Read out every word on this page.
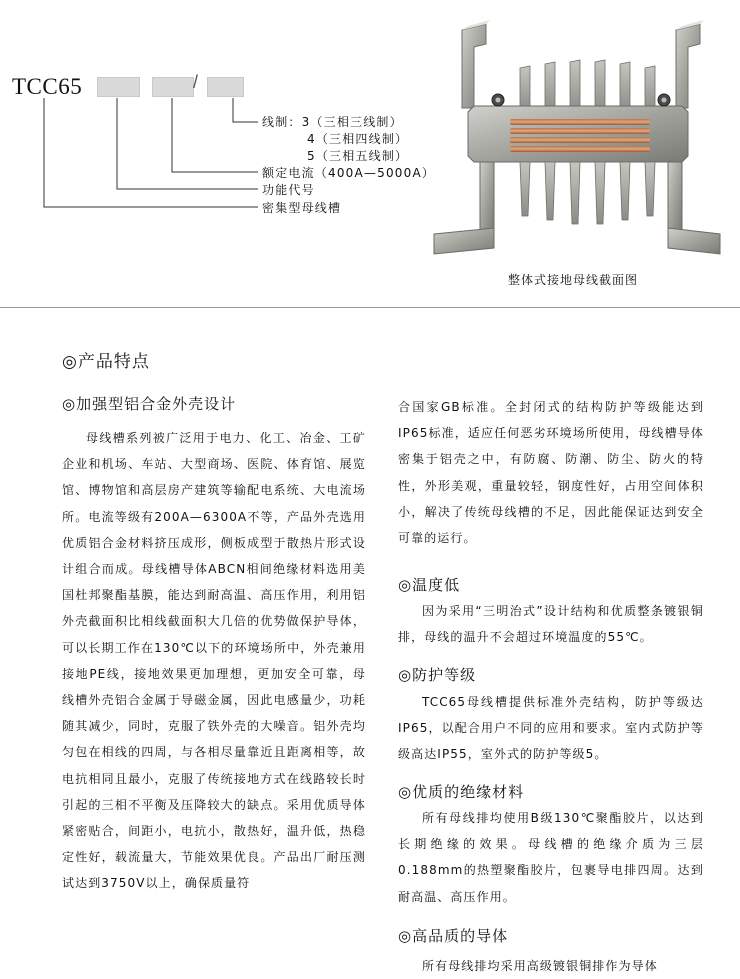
TCC65	/
线制：3（三相三线制）
4（三相四线制）
5（三相五线制）
额定电流（400A—5000A）
功能代号
密集型母线槽
整体式接地母线截面图
◎产品特点
◎加强型铝合金外壳设计

母线槽系列被广泛用于电力、化工、冶金、工矿企业和机场、车站、大型商场、医院、体育馆、展览馆、博物馆和高层房产建筑等输配电系统、大电流场所。电流等级有200A—6300A不等，产品外壳选用优质铝合金材料挤压成形，侧板成型于散热片形式设计组合而成。母线槽导体ABCN相间绝缘材料选用美国杜邦聚酯基膜，能达到耐高温、高压作用，利用铝外壳截面积比相线截面积大几倍的优势做保护导体，可以长期工作在130℃以下的环境场所中，外壳兼用接地PE线，接地效果更加理想，更加安全可靠，母线槽外壳铝合金属于导磁金属，因此电感量少，功耗随其减少，同时，克服了铁外壳的大噪音。铝外壳均匀包在相线的四周，与各相尽量靠近且距离相等，故电抗相同且最小，克服了传统接地方式在线路较长时引起的三相不平衡及压降较大的缺点。采用优质导体紧密贴合，间距小，电抗小，散热好，温升低，热稳定性好，载流量大，节能效果优良。产品出厂耐压测试达到3750V以上，确保质量符

合国家GB标准。全封闭式的结构防护等级能达到IP65标准，适应任何恶劣环境场所使用，母线槽导体密集于铝壳之中，有防腐、防潮、防尘、防火的特性，外形美观，重量较轻，钢度性好，占用空间体积小，解决了传统母线槽的不足，因此能保证达到安全可靠的运行。

◎温度低

因为采用“三明治式”设计结构和优质整条镀银铜排，母线的温升不会超过环境温度的55℃。

◎防护等级

TCC65母线槽提供标准外壳结构，防护等级达IP65，以配合用户不同的应用和要求。室内式防护等级高达IP55，室外式的防护等级5。

◎优质的绝缘材料

所有母线排均使用B级130℃聚酯胶片，以达到长期绝缘的效果。母线槽的绝缘介质为三层0.188mm的热塑聚酯胶片，包裹导电排四周。达到耐高温、高压作用。

◎高品质的导体

所有母线排均采用高级镀银铜排作为导体
